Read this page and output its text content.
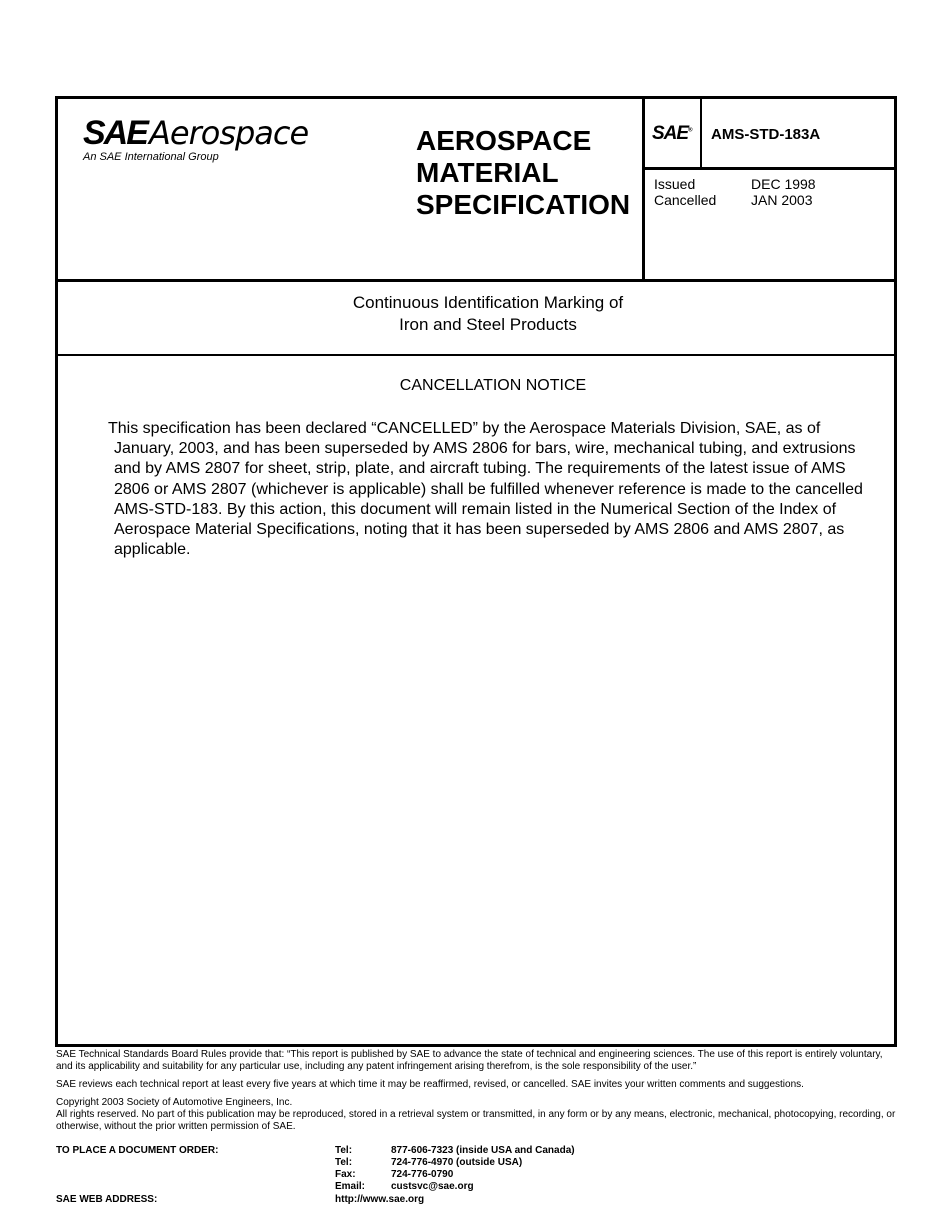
SAE Aerospace
An SAE International Group
AEROSPACE
MATERIAL
SPECIFICATION
SAE® AMS-STD-183A
Issued	DEC 1998
Cancelled	JAN 2003
Continuous Identification Marking of
Iron and Steel Products
CANCELLATION NOTICE
This specification has been declared “CANCELLED” by the Aerospace Materials Division, SAE, as of January, 2003, and has been superseded by AMS 2806 for bars, wire, mechanical tubing, and extrusions and by AMS 2807 for sheet, strip, plate, and aircraft tubing. The requirements of the latest issue of AMS 2806 or AMS 2807 (whichever is applicable) shall be fulfilled whenever reference is made to the cancelled AMS-STD-183. By this action, this document will remain listed in the Numerical Section of the Index of Aerospace Material Specifications, noting that it has been superseded by AMS 2806 and AMS 2807, as applicable.

SAE Technical Standards Board Rules provide that: “This report is published by SAE to advance the state of technical and engineering sciences. The use of this report is entirely voluntary, and its applicability and suitability for any particular use, including any patent infringement arising therefrom, is the sole responsibility of the user.”

SAE reviews each technical report at least every five years at which time it may be reaffirmed, revised, or cancelled. SAE invites your written comments and suggestions.

Copyright 2003 Society of Automotive Engineers, Inc.
All rights reserved. No part of this publication may be reproduced, stored in a retrieval system or transmitted, in any form or by any means, electronic, mechanical, photocopying, recording, or otherwise, without the prior written permission of SAE.
TO PLACE A DOCUMENT ORDER:	Tel:	877-606-7323 (inside USA and Canada)
Tel:	724-776-4970 (outside USA)
Fax:	724-776-0790
Email:	custsvc@sae.org
SAE WEB ADDRESS:	http://www.sae.org
